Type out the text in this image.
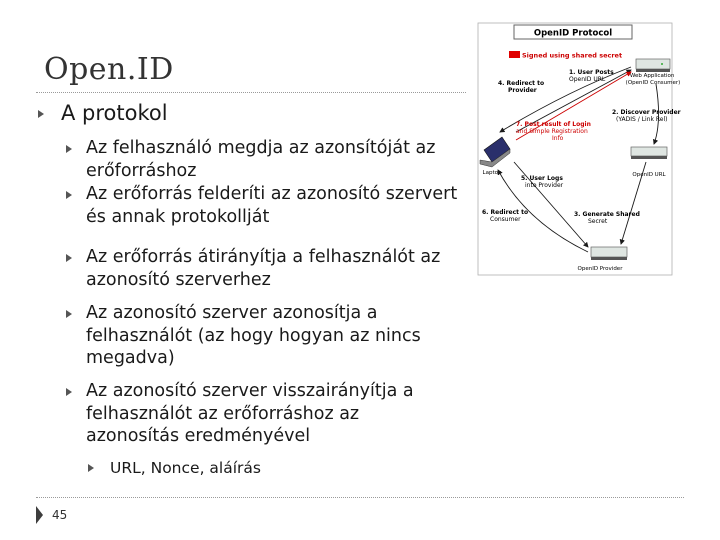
Open.ID
A protokol
Az felhasználó megdja az azonsítóját az erőforráshoz
Az erőforrás felderíti az azonosító szervert és annak protokollját
Az erőforrás átirányítja a felhasználót az azonosító szerverhez
Az azonosító szerver azonosítja a felhasználót (az hogy hogyan az nincs megadva)
Az azonosító szerver visszairányítja a felhasználót az erőforráshoz az azonosítás eredményével
URL, Nonce, aláírás
45
OpenID Protocol
Signed using shared secret
Web Application (OpenID Consumer)
Laptop	OpenID URL
OpenID Provider
1. User Posts OpenID URL
2. Discover Provider (YADIS / Link Rel)
3. Generate Shared Secret
4. Redirect to Provider
5. User Logs into Provider
6. Redirect to Consumer
7. Post result of Login and Simple Registration Info
